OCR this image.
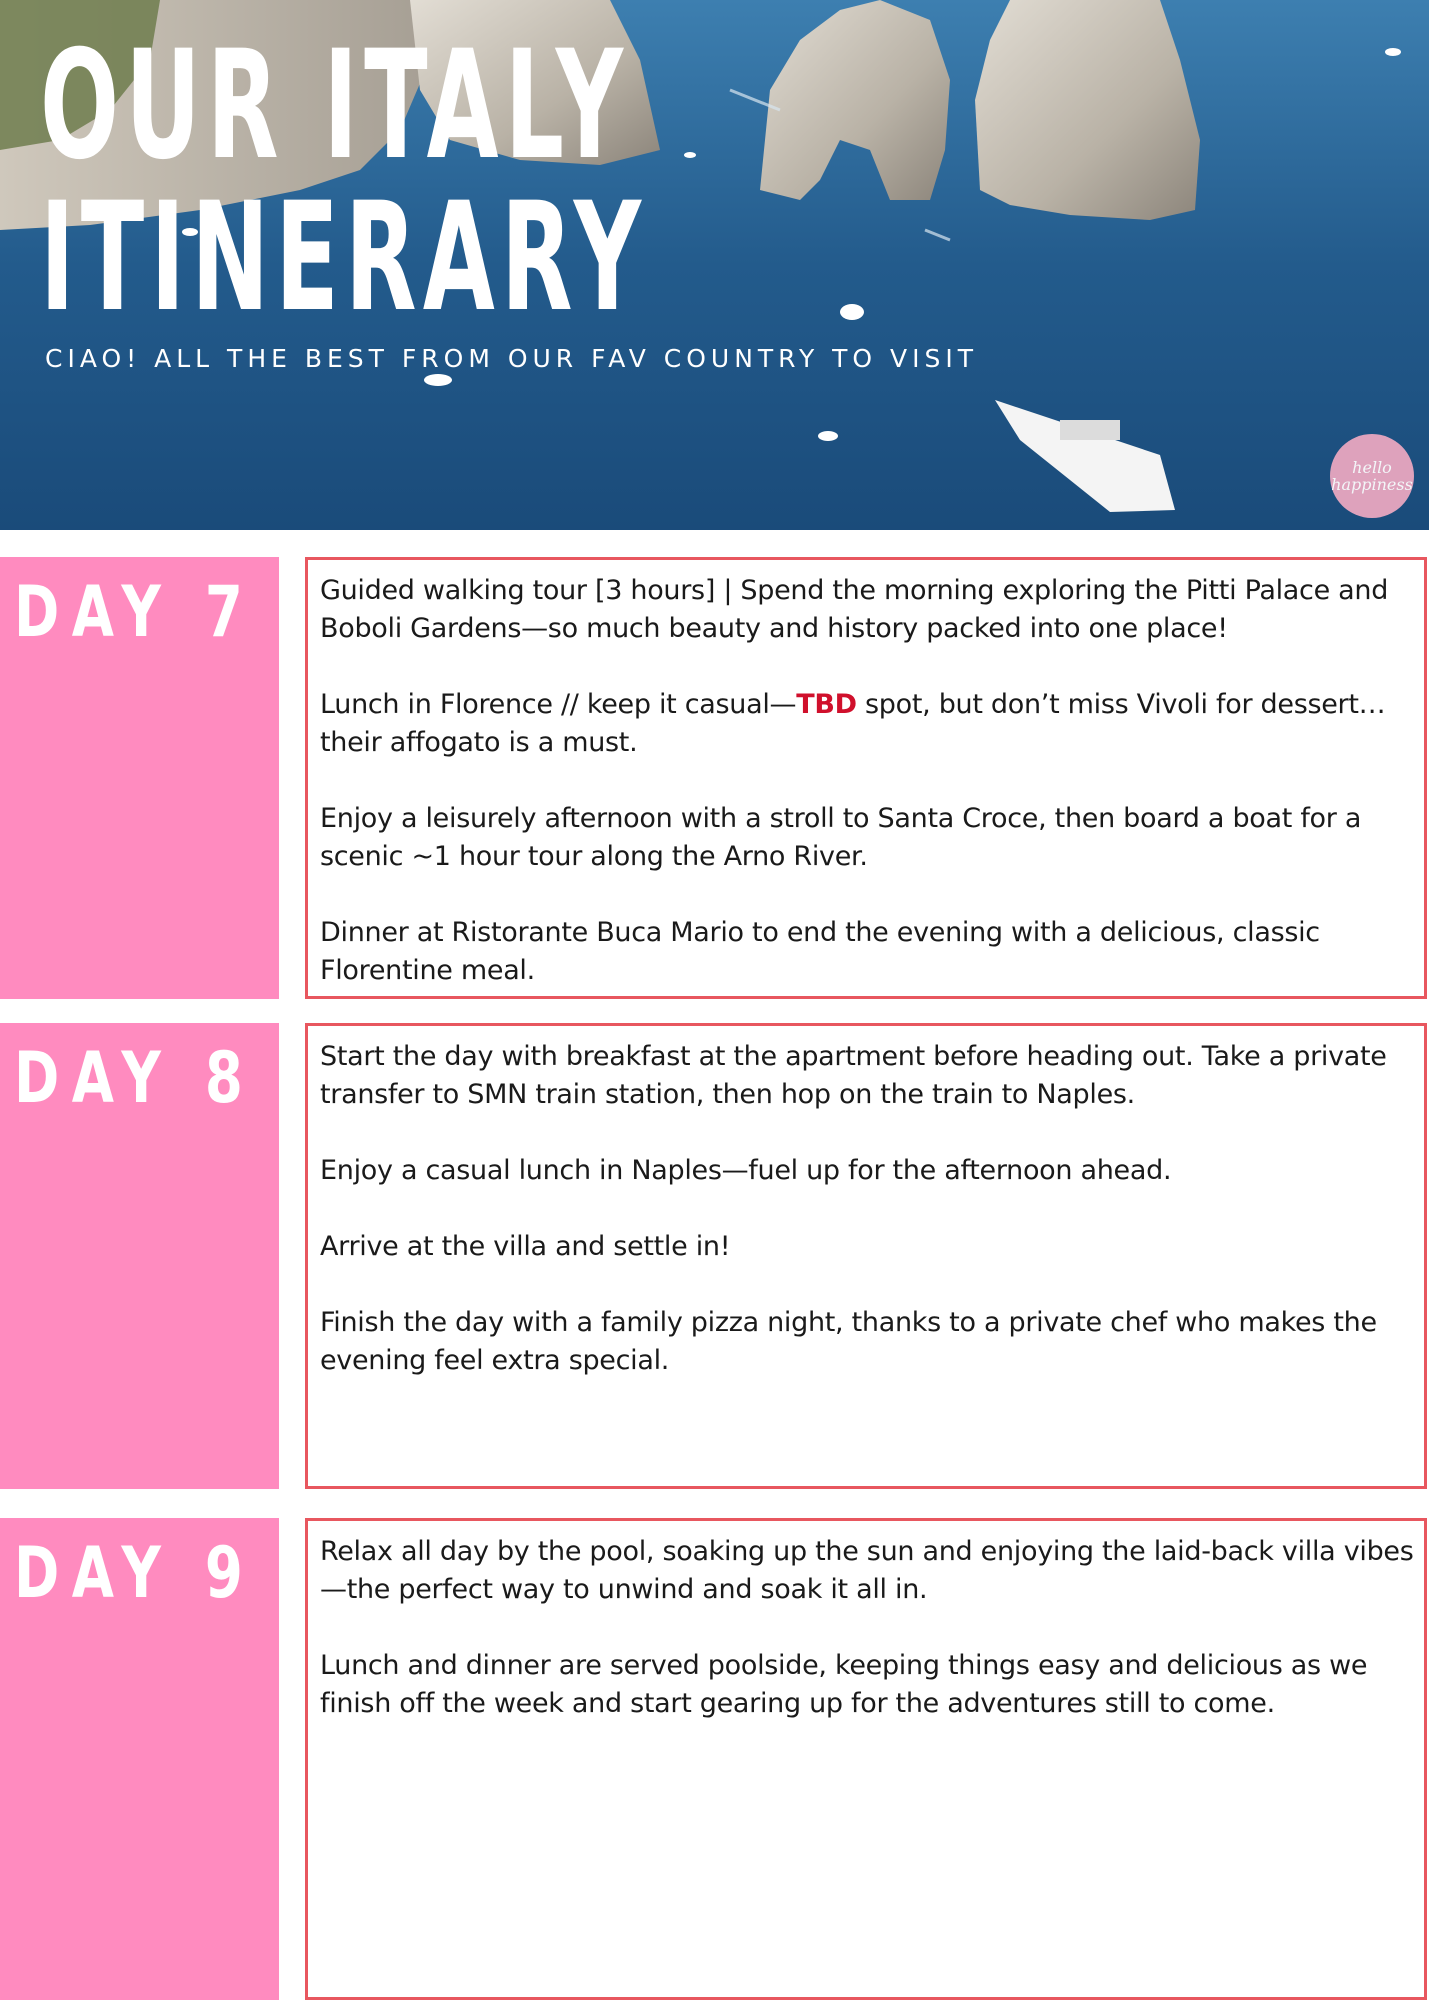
OUR ITALY
ITINERARY
CIAO! ALL THE BEST FROM OUR FAV COUNTRY TO VISIT
hello
happiness
DAY 7 Guided walking tour [3 hours] | Spend the morning exploring the Pitti Palace and Boboli Gardens—so much beauty and history packed into one place!

Lunch in Florence // keep it casual—TBD spot, but don’t miss Vivoli for dessert… their affogato is a must.

Enjoy a leisurely afternoon with a stroll to Santa Croce, then board a boat for a scenic ~1 hour tour along the Arno River.

Dinner at Ristorante Buca Mario to end the evening with a delicious, classic Florentine meal.

DAY 8 Start the day with breakfast at the apartment before heading out. Take a private transfer to SMN train station, then hop on the train to Naples.

Enjoy a casual lunch in Naples—fuel up for the afternoon ahead.

Arrive at the villa and settle in!

Finish the day with a family pizza night, thanks to a private chef who makes the evening feel extra special.

DAY 9 Relax all day by the pool, soaking up the sun and enjoying the laid-back villa vibes—the perfect way to unwind and soak it all in.

Lunch and dinner are served poolside, keeping things easy and delicious as we finish off the week and start gearing up for the adventures still to come.
